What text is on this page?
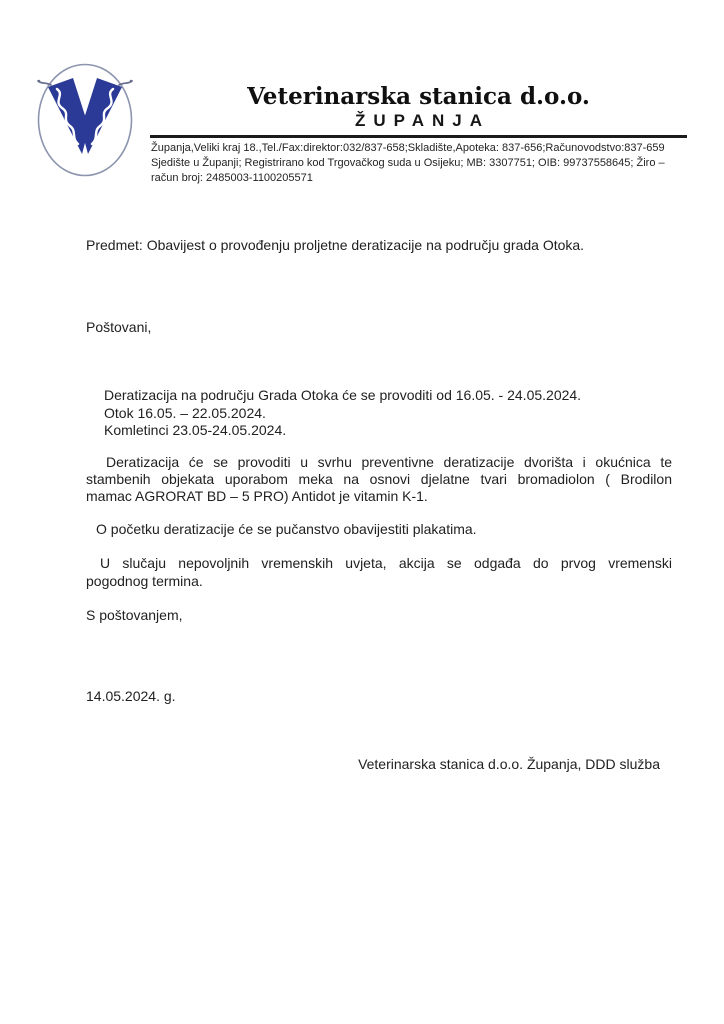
Veterinarska stanica d.o.o.
ŽUPANJA
Županja,Veliki kraj 18.,Tel./Fax:direktor:032/837-658;Skladište,Apoteka: 837-656;Računovodstvo:837-659
Sjedište u Županji; Registrirano kod Trgovačkog suda u Osijeku; MB: 3307751; OIB: 99737558645; Žiro –
račun broj: 2485003-1100205571
Predmet: Obavijest o provođenju proljetne deratizacije na području grada Otoka.
Poštovani,
Deratizacija na području Grada Otoka će se provoditi od 16.05. - 24.05.2024.
Otok 16.05. – 22.05.2024.
Komletinci 23.05-24.05.2024.
Deratizacija će se provoditi u svrhu preventivne deratizacije dvorišta i okućnica te
stambenih objekata uporabom meka na osnovi djelatne tvari bromadiolon ( Brodilon
mamac AGRORAT BD – 5 PRO) Antidot je vitamin K-1.
O početku deratizacije će se pučanstvo obavijestiti plakatima.
U slučaju nepovoljnih vremenskih uvjeta, akcija se odgađa do prvog vremenski
pogodnog termina.
S poštovanjem,
14.05.2024. g.
Veterinarska stanica d.o.o. Županja, DDD služba
